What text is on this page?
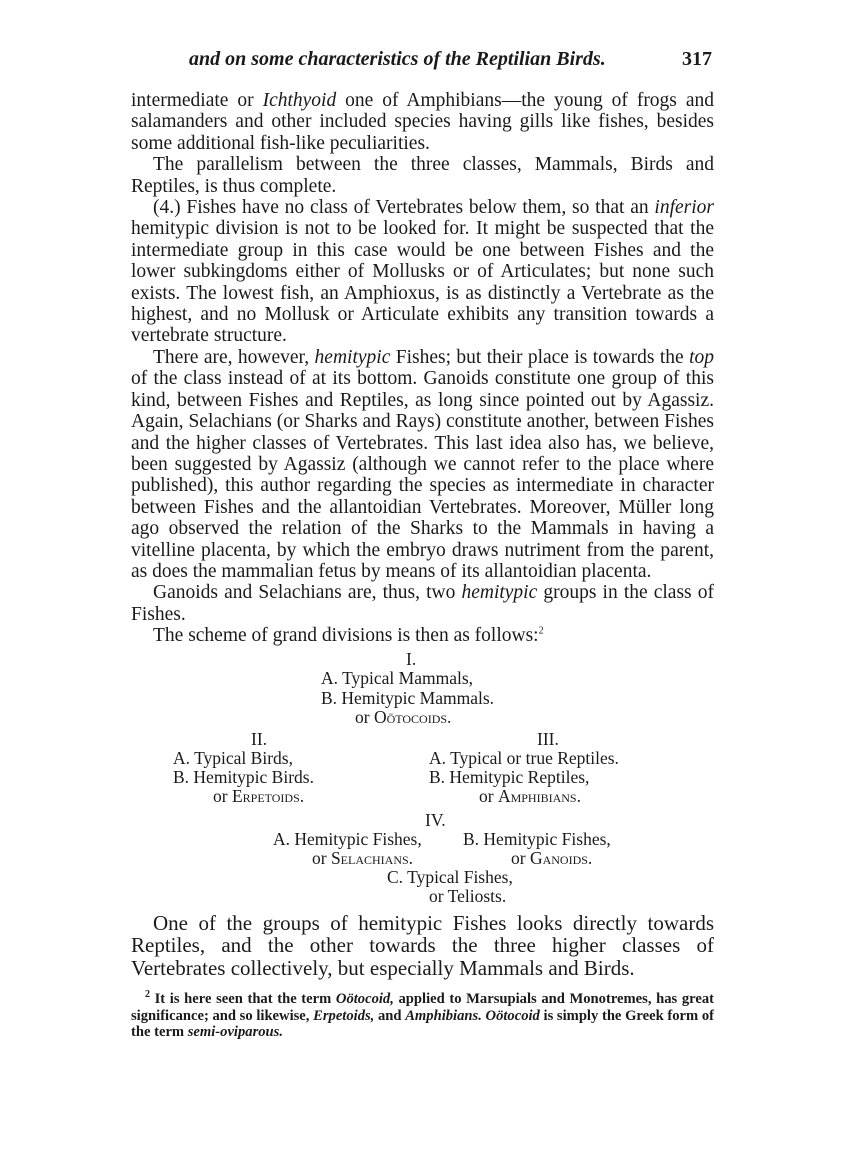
and on some characteristics of the Reptilian Birds.	317

intermediate or Ichthyoid one of Amphibians—the young of frogs and salamanders and other included species having gills like fishes, besides some additional fish-like peculiarities.

The parallelism between the three classes, Mammals, Birds and Reptiles, is thus complete.

(4.) Fishes have no class of Vertebrates below them, so that an inferior hemitypic division is not to be looked for. It might be suspected that the intermediate group in this case would be one between Fishes and the lower subkingdoms either of Mollusks or of Articulates; but none such exists. The lowest fish, an Amphioxus, is as distinctly a Vertebrate as the highest, and no Mollusk or Articulate exhibits any transition towards a vertebrate structure.

There are, however, hemitypic Fishes; but their place is towards the top of the class instead of at its bottom. Ganoids constitute one group of this kind, between Fishes and Reptiles, as long since pointed out by Agassiz. Again, Selachians (or Sharks and Rays) constitute another, between Fishes and the higher classes of Vertebrates. This last idea also has, we believe, been suggested by Agassiz (although we cannot refer to the place where published), this author regarding the species as intermediate in character between Fishes and the allantoidian Vertebrates. Moreover, Müller long ago observed the relation of the Sharks to the Mammals in having a vitelline placenta, by which the embryo draws nutriment from the parent, as does the mammalian fetus by means of its allantoidian placenta.

Ganoids and Selachians are, thus, two hemitypic groups in the class of Fishes.

The scheme of grand divisions is then as follows:$^2$

I.
A. Typical Mammals,
B. Hemitypic Mammals.
or Oötocoids.
II.
A. Typical Birds,
B. Hemitypic Birds.
or Erpetoids.
III.
A. Typical or true Reptiles.
B. Hemitypic Reptiles,
or Amphibians.
IV.
A. Hemitypic Fishes, B. Hemitypic Fishes,
or Selachians.	or Ganoids.
C. Typical Fishes,
or Teliosts.

One of the groups of hemitypic Fishes looks directly towards Reptiles, and the other towards the three higher classes of Vertebrates collectively, but especially Mammals and Birds.

$^2$ It is here seen that the term Oötocoid, applied to Marsupials and Monotremes, has great significance; and so likewise, Erpetoids, and Amphibians. Oötocoid is simply the Greek form of the term semi-oviparous.
